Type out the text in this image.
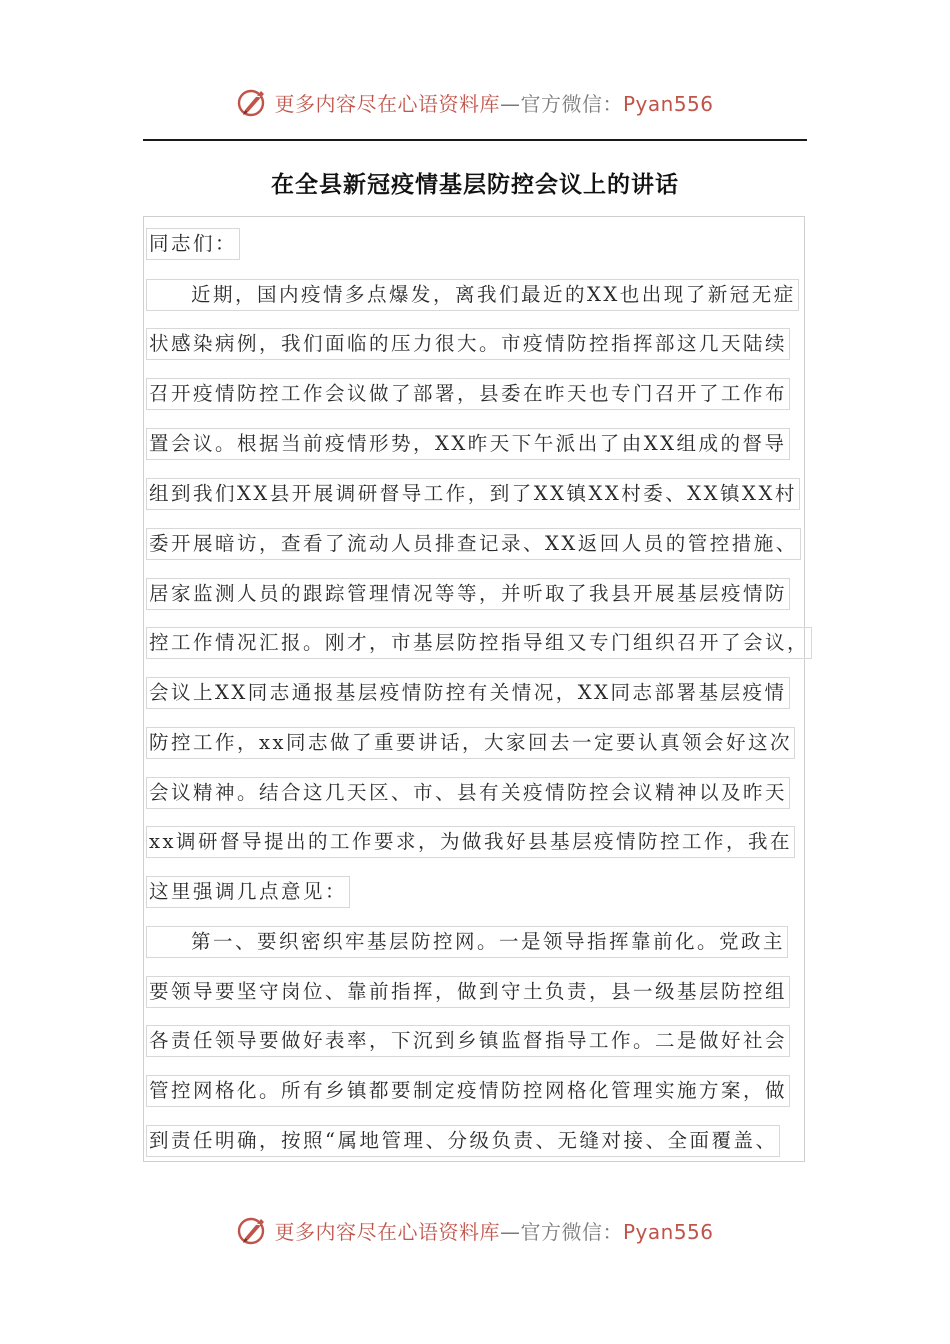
更多内容尽在心语资料库—官方微信：Pyan556
在全县新冠疫情基层防控会议上的讲话
同志们：
近期，国内疫情多点爆发，离我们最近的XX也出现了新冠无症
状感染病例，我们面临的压力很大。市疫情防控指挥部这几天陆续
召开疫情防控工作会议做了部署，县委在昨天也专门召开了工作布
置会议。根据当前疫情形势，XX昨天下午派出了由XX组成的督导
组到我们XX县开展调研督导工作，到了XX镇XX村委、XX镇XX村
委开展暗访，查看了流动人员排查记录、XX返回人员的管控措施、
居家监测人员的跟踪管理情况等等，并听取了我县开展基层疫情防
控工作情况汇报。刚才，市基层防控指导组又专门组织召开了会议，
会议上XX同志通报基层疫情防控有关情况，XX同志部署基层疫情
防控工作，xx同志做了重要讲话，大家回去一定要认真领会好这次
会议精神。结合这几天区、市、县有关疫情防控会议精神以及昨天
xx调研督导提出的工作要求，为做我好县基层疫情防控工作，我在
这里强调几点意见：
第一、要织密织牢基层防控网。一是领导指挥靠前化。党政主
要领导要坚守岗位、靠前指挥，做到守土负责，县一级基层防控组
各责任领导要做好表率，下沉到乡镇监督指导工作。二是做好社会
管控网格化。所有乡镇都要制定疫情防控网格化管理实施方案，做
到责任明确，按照“属地管理、分级负责、无缝对接、全面覆盖、
更多内容尽在心语资料库—官方微信：Pyan556
